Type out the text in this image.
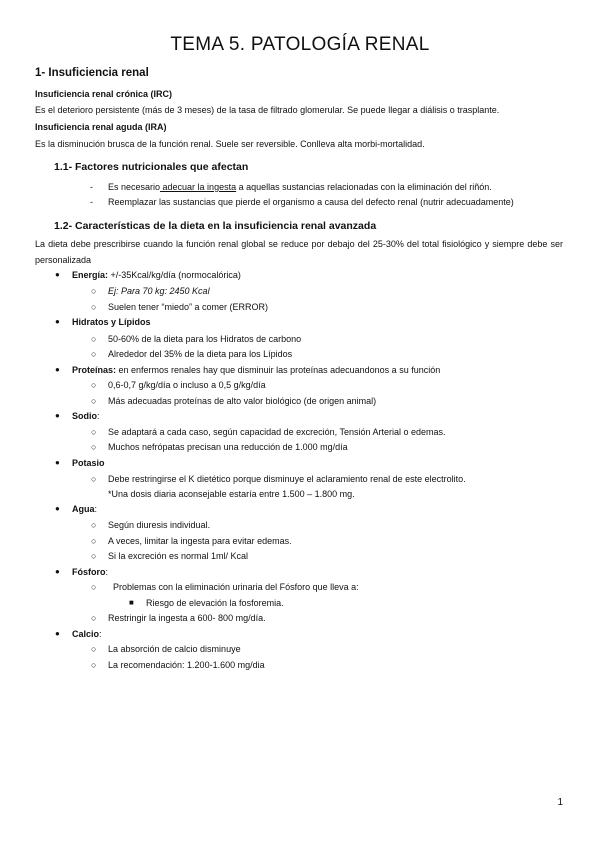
TEMA 5. PATOLOGÍA RENAL
1- Insuficiencia renal
Insuficiencia renal crónica (IRC)
Es el deterioro persistente (más de 3 meses) de la tasa de filtrado glomerular. Se puede llegar a diálisis o trasplante.
Insuficiencia renal aguda (IRA)
Es la disminución brusca de la función renal. Suele ser reversible. Conlleva alta morbi-mortalidad.
1.1- Factores nutricionales que afectan
- Es necesario adecuar la ingesta a aquellas sustancias relacionadas con la eliminación del riñón.
- Reemplazar las sustancias que pierde el organismo a causa del defecto renal (nutrir adecuadamente)
1.2- Características de la dieta en la insuficiencia renal avanzada
La dieta debe prescribirse cuando la función renal global se reduce por debajo del 25-30% del total fisiológico y siempre debe ser personalizada
● Energía: +/-35Kcal/kg/día (normocalórica)
○ Ej: Para 70 kg: 2450 Kcal
○ Suelen tener “miedo” a comer (ERROR)
● Hidratos y Lípidos
○ 50-60% de la dieta para los Hidratos de carbono
○ Alrededor del 35% de la dieta para los Lípidos
● Proteínas: en enfermos renales hay que disminuir las proteínas adecuandonos a su función
○ 0,6-0,7 g/kg/día o incluso a 0,5 g/kg/día
○ Más adecuadas proteínas de alto valor biológico (de origen animal)
● Sodio:
○ Se adaptará a cada caso, según capacidad de excreción, Tensión Arterial o edemas.
○ Muchos nefrópatas precisan una reducción de 1.000 mg/día
● Potasio
○ Debe restringirse el K dietético porque disminuye el aclaramiento renal de este electrolito.
*Una dosis diaria aconsejable estaría entre 1.500 – 1.800 mg.
● Agua:
○ Según diuresis individual.
○ A veces, limitar la ingesta para evitar edemas.
○ Si la excreción es normal 1ml/ Kcal
● Fósforo:
○ Problemas con la eliminación urinaria del Fósforo que lleva a:
■ Riesgo de elevación la fosforemia.
○ Restringir la ingesta a 600- 800 mg/día.
● Calcio:
○ La absorción de calcio disminuye
○ La recomendación: 1.200-1.600 mg/dia
1
